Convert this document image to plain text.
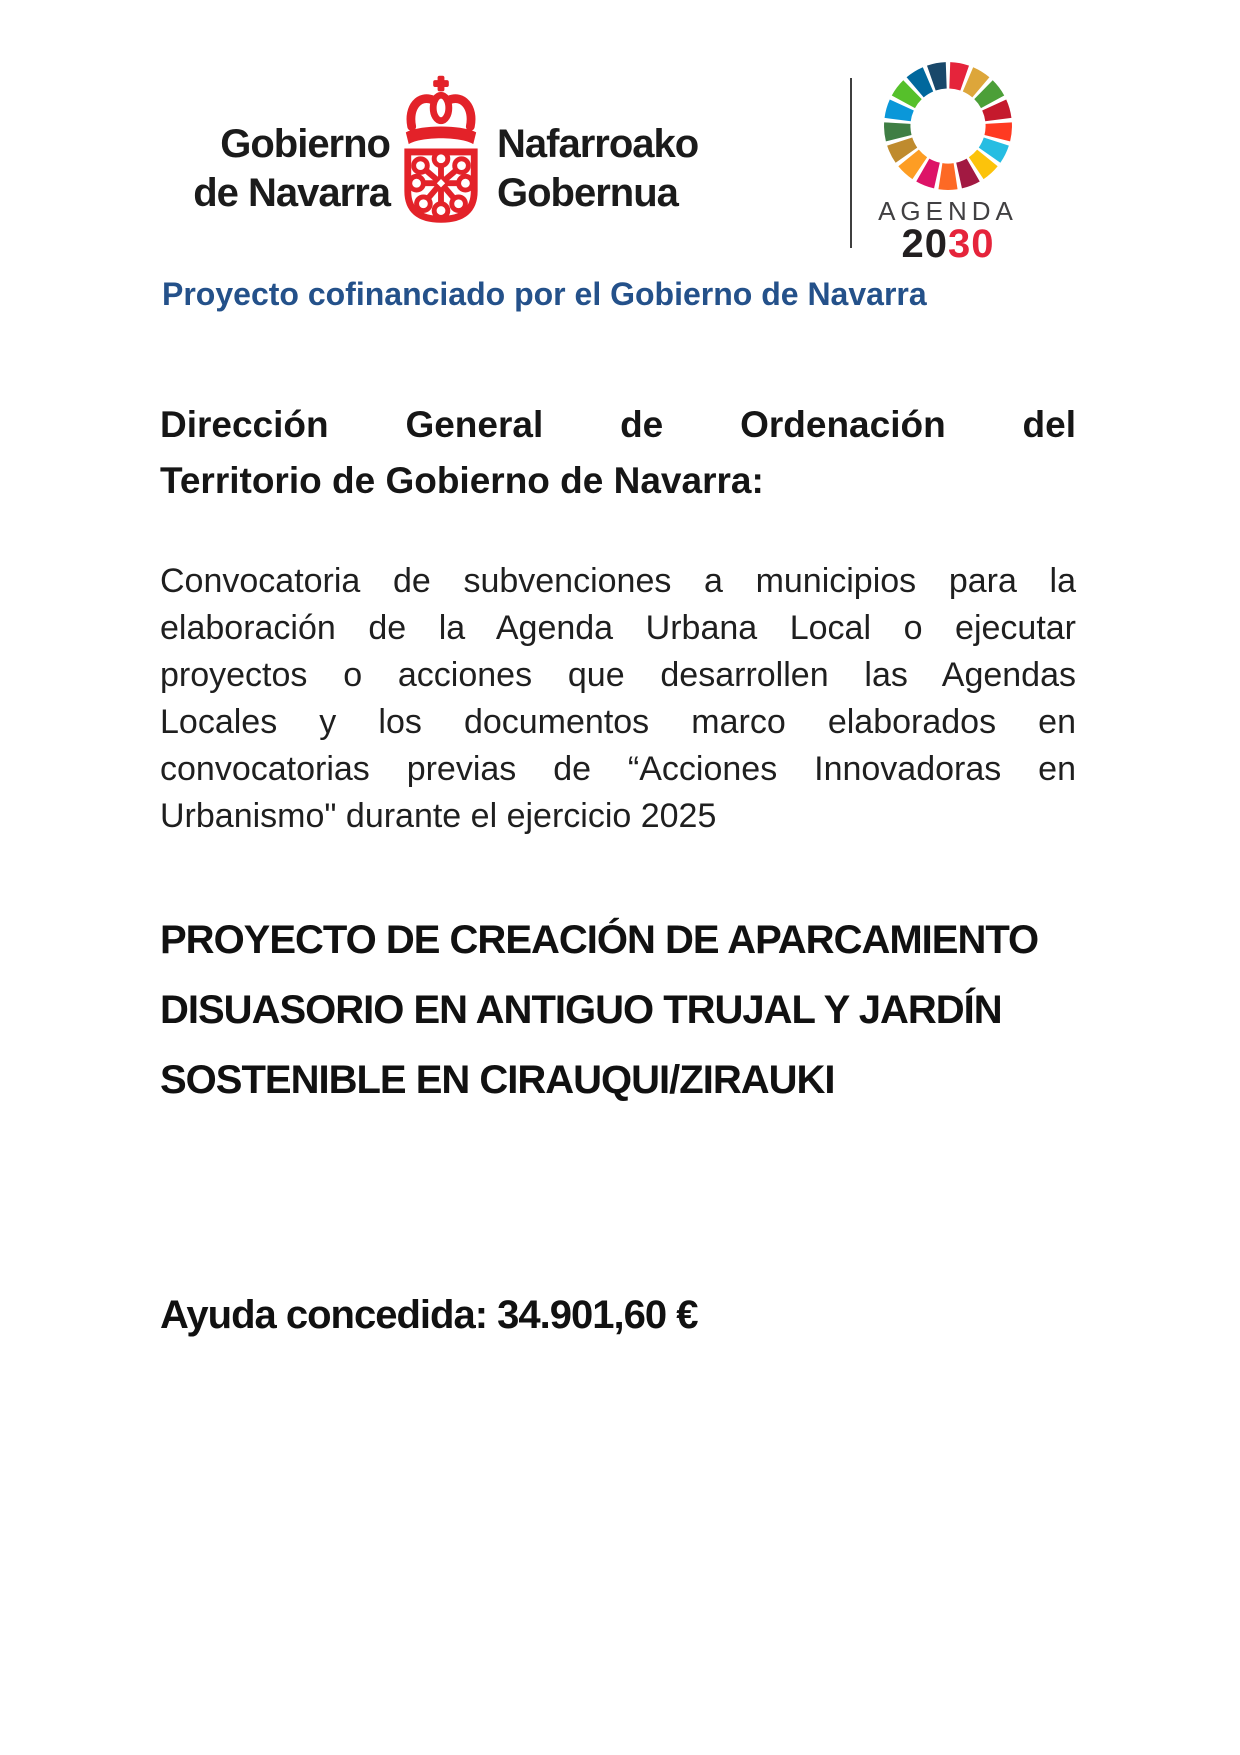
Gobierno
de Navarra
Nafarroako
Gobernua	AGENDA
2030
Proyecto cofinanciado por el Gobierno de Navarra
Dirección General de Ordenación del
Territorio de Gobierno de Navarra:
Convocatoria de subvenciones a municipios para la
elaboración de la Agenda Urbana Local o ejecutar
proyectos o acciones que desarrollen las Agendas
Locales y los documentos marco elaborados en
convocatorias previas de “Acciones Innovadoras en
Urbanismo" durante el ejercicio 2025
PROYECTO DE CREACIÓN DE APARCAMIENTO
DISUASORIO EN ANTIGUO TRUJAL Y JARDÍN
SOSTENIBLE EN CIRAUQUI/ZIRAUKI
Ayuda concedida: 34.901,60 €
